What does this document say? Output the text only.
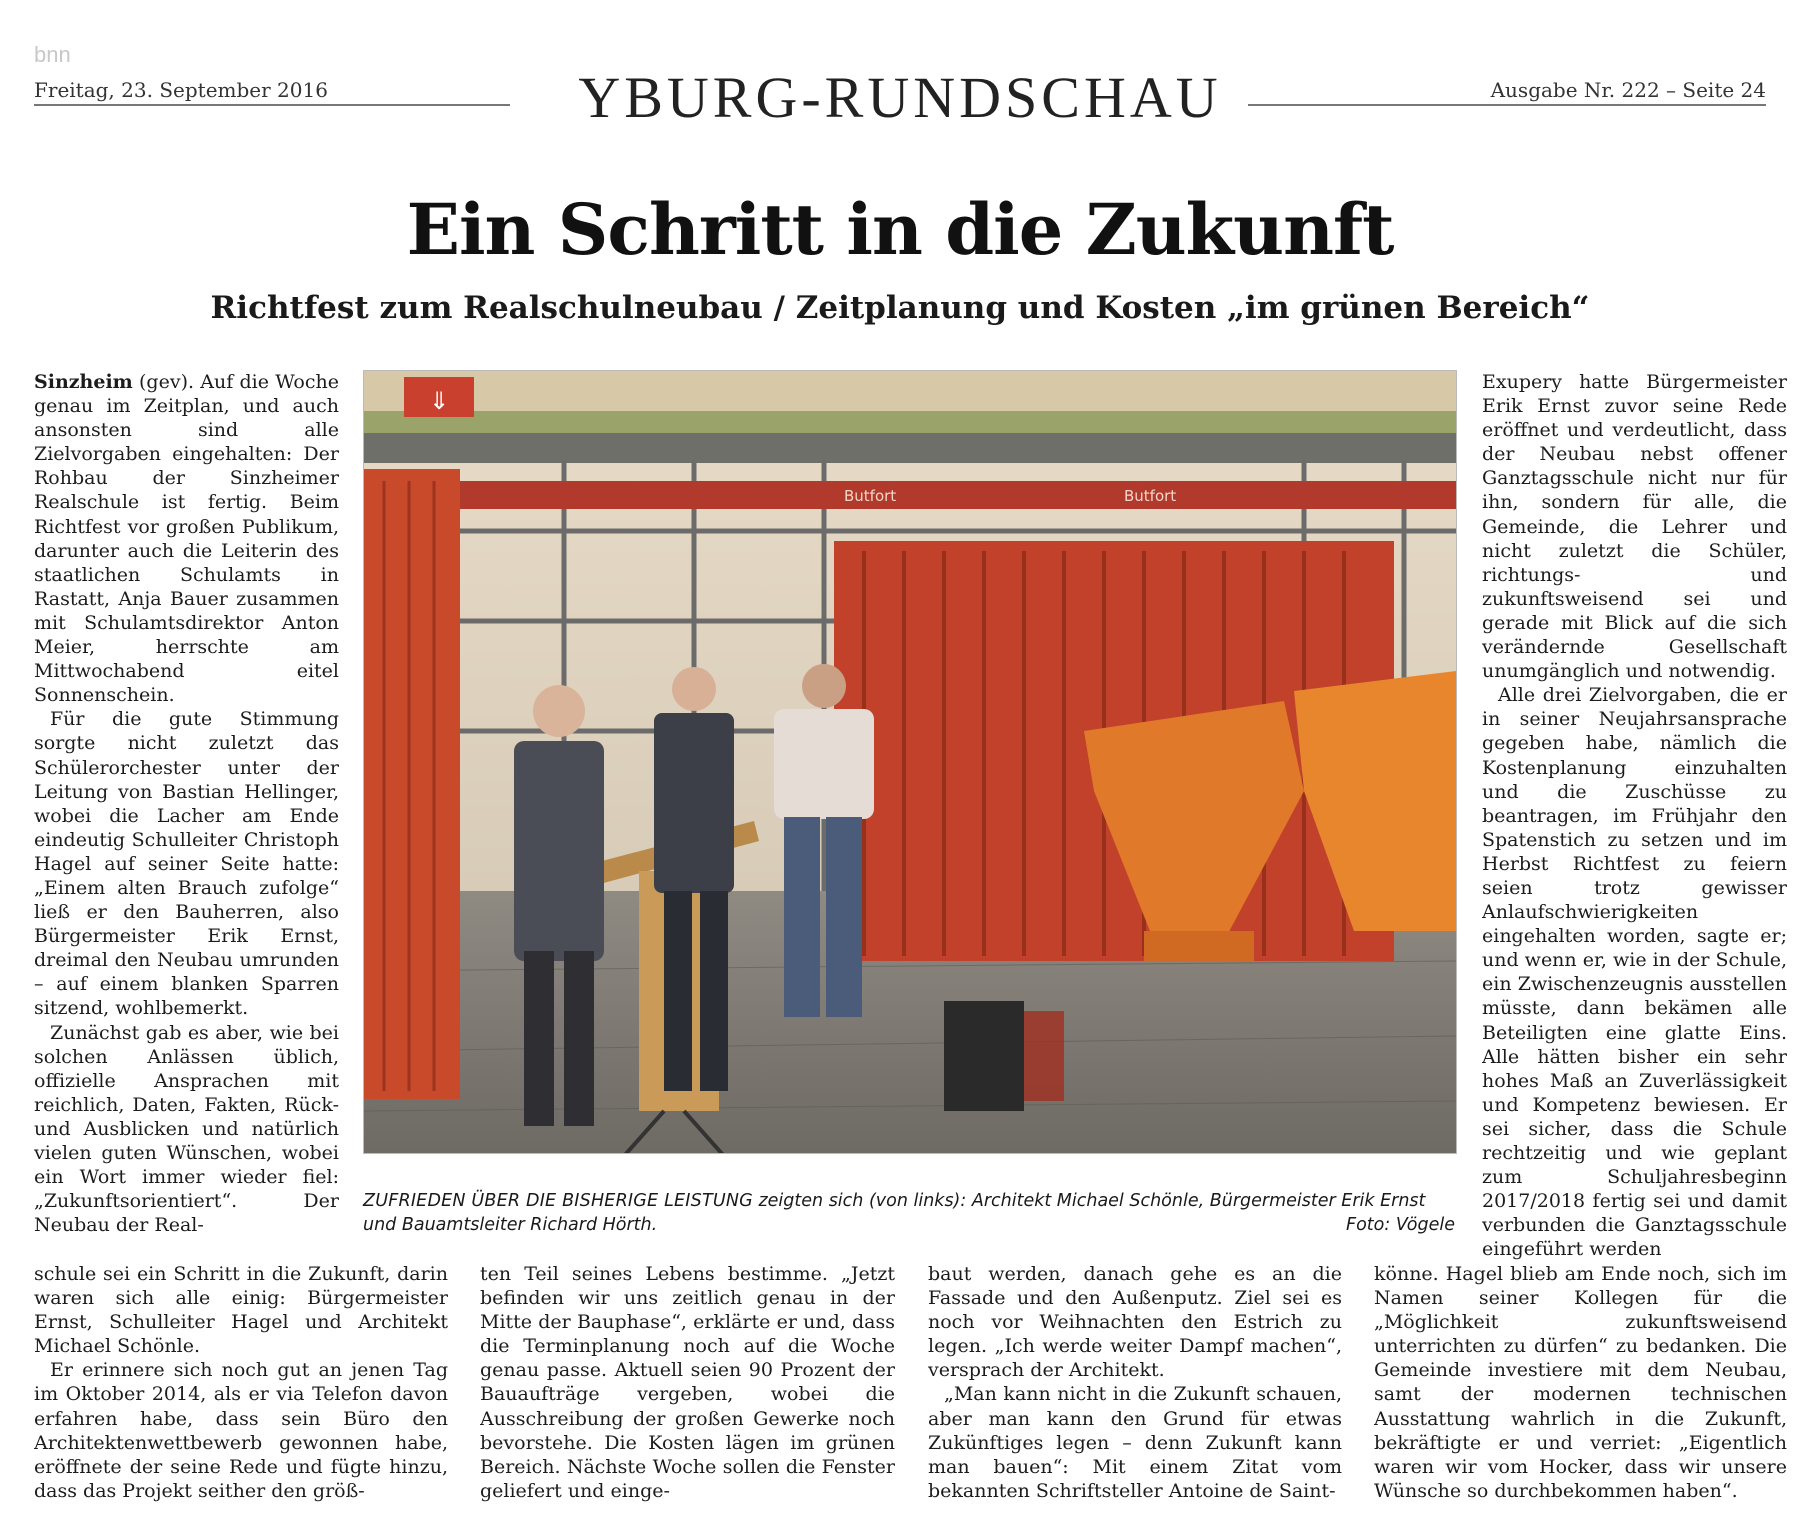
bnn
Freitag, 23. September 2016	YBURG-RUNDSCHAU	Ausgabe Nr. 222 – Seite 24
Ein Schritt in die Zukunft
Richtfest zum Realschulneubau / Zeitplanung und Kosten „im grünen Bereich“

Sinzheim (gev). Auf die Woche genau im Zeitplan, und auch ansonsten sind alle Zielvorgaben eingehalten: Der Rohbau der Sinzheimer Realschule ist fertig. Beim Richtfest vor großen Publikum, darunter auch die Leiterin des staatlichen Schulamts in Rastatt, Anja Bauer zusammen mit Schulamtsdirektor Anton Meier, herrschte am Mittwochabend eitel Sonnenschein.

Für die gute Stimmung sorgte nicht zuletzt das Schülerorchester unter der Leitung von Bastian Hellinger, wobei die Lacher am Ende eindeutig Schulleiter Christoph Hagel auf seiner Seite hatte: „Einem alten Brauch zufolge“ ließ er den Bauherren, also Bürgermeister Erik Ernst, dreimal den Neubau umrunden – auf einem blanken Sparren sitzend, wohlbemerkt.

Zunächst gab es aber, wie bei solchen Anlässen üblich, offizielle Ansprachen mit reichlich, Daten, Fakten, Rück- und Ausblicken und natürlich vielen guten Wünschen, wobei ein Wort immer wieder fiel: „Zukunftsorientiert“. Der Neubau der Real-

Exupery hatte Bürgermeister Erik Ernst zuvor seine Rede eröffnet und verdeutlicht, dass der Neubau nebst offener Ganztagsschule nicht nur für ihn, sondern für alle, die Gemeinde, die Lehrer und nicht zuletzt die Schüler, richtungs- und zukunftsweisend sei und gerade mit Blick auf die sich verändernde Gesellschaft unumgänglich und notwendig.

Alle drei Zielvorgaben, die er in seiner Neujahrsansprache gegeben habe, nämlich die Kostenplanung einzuhalten und die Zuschüsse zu beantragen, im Frühjahr den Spatenstich zu setzen und im Herbst Richtfest zu feiern seien trotz gewisser Anlaufschwierigkeiten eingehalten worden, sagte er; und wenn er, wie in der Schule, ein Zwischenzeugnis ausstellen müsste, dann bekämen alle Beteiligten eine glatte Eins. Alle hätten bisher ein sehr hohes Maß an Zuverlässigkeit und Kompetenz bewiesen. Er sei sicher, dass die Schule rechtzeitig und wie geplant zum Schuljahresbeginn 2017/2018 fertig sei und damit verbunden die Ganztagsschule eingeführt werden

⇓
Butfort	Butfort
ZUFRIEDEN ÜBER DIE BISHERIGE LEISTUNG zeigten sich (von links): Architekt Michael Schönle, Bürgermeister Erik Ernst und Bauamtsleiter Richard Hörth.	Foto: Vögele

schule sei ein Schritt in die Zukunft, darin waren sich alle einig: Bürgermeister Ernst, Schulleiter Hagel und Architekt Michael Schönle.

Er erinnere sich noch gut an jenen Tag im Oktober 2014, als er via Telefon davon erfahren habe, dass sein Büro den Architektenwettbewerb gewonnen habe, eröffnete der seine Rede und fügte hinzu, dass das Projekt seither den größ-

ten Teil seines Lebens bestimme. „Jetzt befinden wir uns zeitlich genau in der Mitte der Bauphase“, erklärte er und, dass die Terminplanung noch auf die Woche genau passe. Aktuell seien 90 Prozent der Bauaufträge vergeben, wobei die Ausschreibung der großen Gewerke noch bevorstehe. Die Kosten lägen im grünen Bereich. Nächste Woche sollen die Fenster geliefert und einge-

baut werden, danach gehe es an die Fassade und den Außenputz. Ziel sei es noch vor Weihnachten den Estrich zu legen. „Ich werde weiter Dampf machen“, versprach der Architekt.

„Man kann nicht in die Zukunft schauen, aber man kann den Grund für etwas Zukünftiges legen – denn Zukunft kann man bauen“: Mit einem Zitat vom bekannten Schriftsteller Antoine de Saint-

könne. Hagel blieb am Ende noch, sich im Namen seiner Kollegen für die „Möglichkeit zukunftsweisend unterrichten zu dürfen“ zu bedanken. Die Gemeinde investiere mit dem Neubau, samt der modernen technischen Ausstattung wahrlich in die Zukunft, bekräftigte er und verriet: „Eigentlich waren wir vom Hocker, dass wir unsere Wünsche so durchbekommen haben“.
